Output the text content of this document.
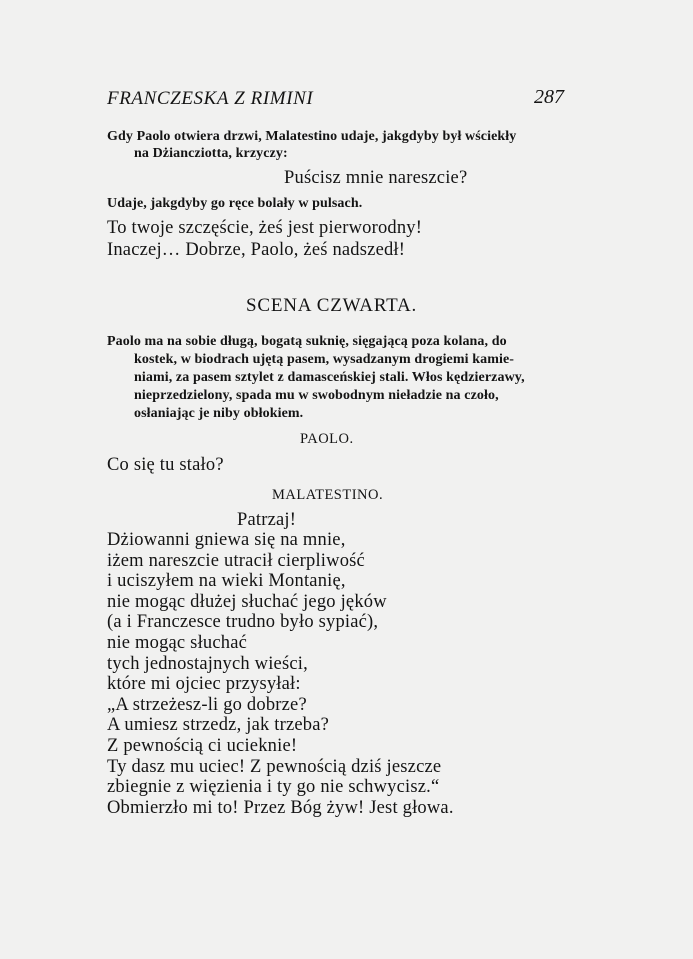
FRANCZESKA Z RIMINI	287
Gdy Paolo otwiera drzwi, Malatestino udaje, jakgdyby był wściekły
na Dżiancziotta, krzyczy:
Puścisz mnie nareszcie?
Udaje, jakgdyby go ręce bolały w pulsach.
To twoje szczęście, żeś jest pierworodny!
Inaczej… Dobrze, Paolo, żeś nadszedł!
SCENA CZWARTA.
Paolo ma na sobie długą, bogatą suknię, sięgającą poza kolana, do
kostek, w biodrach ujętą pasem, wysadzanym drogiemi kamie-
niami, za pasem sztylet z damasceńskiej stali. Włos kędzierzawy,
nieprzedzielony, spada mu w swobodnym nieładzie na czoło,
osłaniając je niby obłokiem.
PAOLO.
Co się tu stało?
MALATESTINO.
Patrzaj!
Dżiowanni gniewa się na mnie,
iżem nareszcie utracił cierpliwość
i uciszyłem na wieki Montanię,
nie mogąc dłużej słuchać jego jęków
(a i Franczescе trudno było sypiać),
nie mogąc słuchać
tych jednostajnych wieści,
które mi ojciec przysyłał:
„A strzeżesz-li go dobrze?
A umiesz strzedz, jak trzeba?
Z pewnością ci ucieknie!
Ty dasz mu uciec! Z pewnością dziś jeszcze
zbiegnie z więzienia i ty go nie schwycisz.“
Obmierzło mi to! Przez Bóg żyw! Jest głowa.
